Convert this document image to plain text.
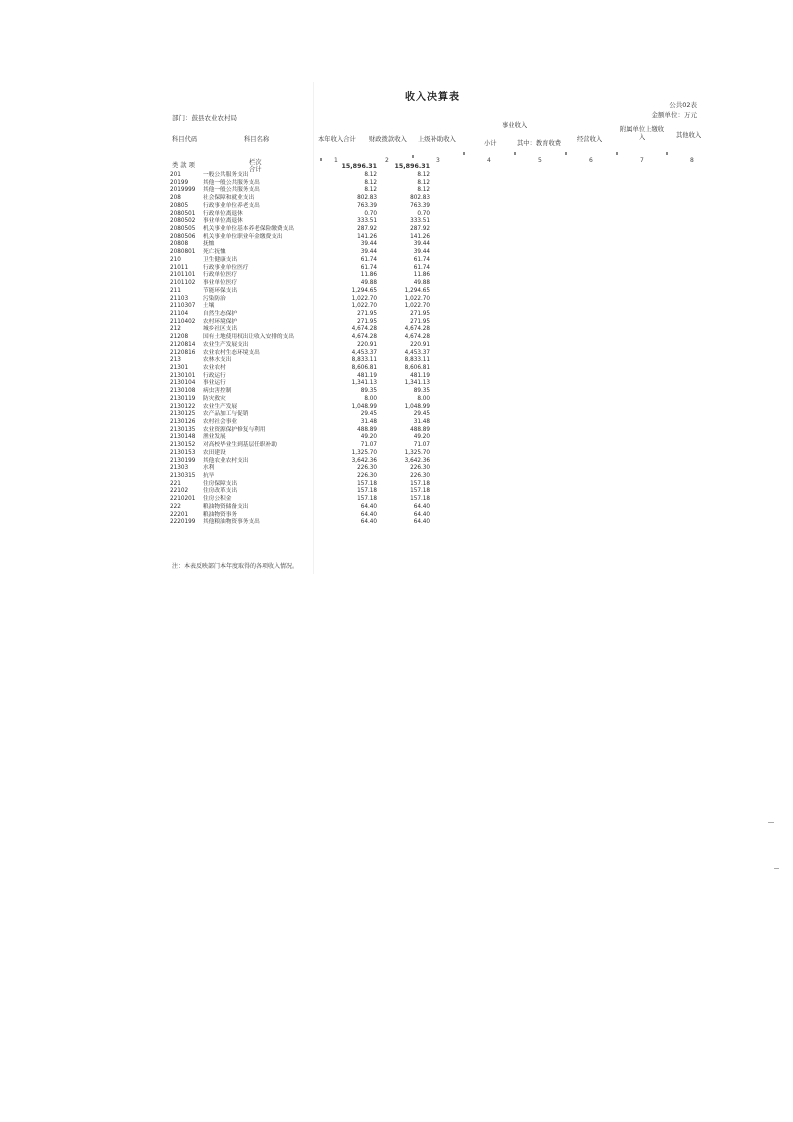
收入决算表
公共02表
金额单位：万元
部门：鼓县农业农村局
科目代码	科目名称	本年收入合计 财政拨款收入 上级补助收入
事业收入
小计	其中：教育收费
经营收入
附属单位上缴收入	其他收入
类 款 项	栏次
合计
1	2	3	4	5	6	7	8
15,896.31	15,896.31
201	一般公共服务支出	8.12	8.12
20199	其他一般公共服务支出	8.12	8.12
2019999 其他一般公共服务支出	8.12	8.12
208	社会保障和就业支出	802.83	802.83
20805	行政事业单位养老支出	763.39	763.39
2080501 行政单位离退休	0.70	0.70
2080502 事业单位离退休	333.51	333.51
2080505 机关事业单位基本养老保险缴费支出	287.92	287.92
2080506 机关事业单位职业年金缴费支出	141.26	141.26
20808	抚恤	39.44	39.44
2080801 死亡抚恤	39.44	39.44
210	卫生健康支出	61.74	61.74
21011	行政事业单位医疗	61.74	61.74
2101101 行政单位医疗	11.86	11.86
2101102 事业单位医疗	49.88	49.88
211	节能环保支出	1,294.65	1,294.65
21103	污染防治	1,022.70	1,022.70
2110307 土壤	1,022.70	1,022.70
21104	自然生态保护	271.95	271.95
2110402 农村环境保护	271.95	271.95
212	城乡社区支出	4,674.28	4,674.28
21208	国有土地使用权出让收入安排的支出	4,674.28	4,674.28
2120814 农业生产发展支出	220.91	220.91
2120816 农业农村生态环境支出	4,453.37	4,453.37
213	农林水支出	8,833.11	8,833.11
21301	农业农村	8,606.81	8,606.81
2130101 行政运行	481.19	481.19
2130104 事业运行	1,341.13	1,341.13
2130108 病虫害控制	89.35	89.35
2130119 防灾救灾	8.00	8.00
2130122 农业生产发展	1,048.99	1,048.99
2130125 农产品加工与促销	29.45	29.45
2130126 农村社会事业	31.48	31.48
2130135 农业资源保护修复与利用	488.89	488.89
2130148 渔业发展	49.20	49.20
2130152 对高校毕业生到基层任职补助	71.07	71.07
2130153 农田建设	1,325.70	1,325.70
2130199 其他农业农村支出	3,642.36	3,642.36
21303	水利	226.30	226.30
2130315 抗旱	226.30	226.30
221	住房保障支出	157.18	157.18
22102	住房改革支出	157.18	157.18
2210201 住房公积金	157.18	157.18
222	粮油物资储备支出	64.40	64.40
22201	粮油物资事务	64.40	64.40
2220199 其他粮油物资事务支出	64.40	64.40
注：本表反映部门本年度取得的各项收入情况。
